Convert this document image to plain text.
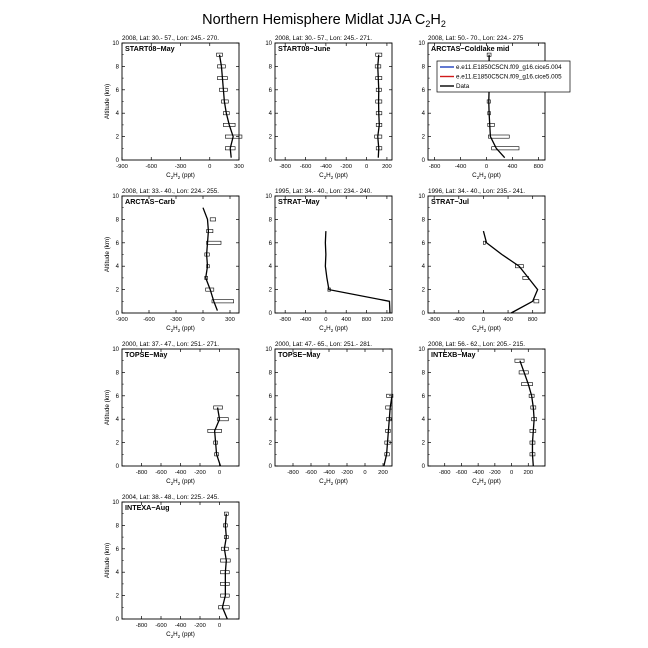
Northern Hemisphere Midlat JJA $C_2H_2$
2008, Lat: 30.- 57., Lon: 245.- 270.
0
2
4
6
8
10
-900	-600	-300	0	300
$C_2H_2$ (ppt)
Altitude (km)
START08−May
2008, Lat: 30.- 57., Lon: 245.- 271.
0
2
4
6
8
10
-800 -600 -400 -200 0 200
$C_2H_2$ (ppt)
START08−June
2008, Lat: 50.- 70., Lon: 224.- 275
0
2
4
6
8
10
-800 -400	0	400	800
$C_2H_2$ (ppt)
ARCTAS−Coldlake mid
2008, Lat: 33.- 40., Lon: 224.- 255.
0
2
4
6
8
10
-900	-600	-300	0	300
$C_2H_2$ (ppt)
Altitude (km)
ARCTAS−Carb
1995, Lat: 34.- 40., Lon: 234.- 240.
0
2
4
6
8
10
-800 -400 0 400 800 1200
$C_2H_2$ (ppt)
STRAT−May
1996, Lat: 34.- 40., Lon: 235.- 241.
0
2
4
6
8
10
-800 -400	0	400	800
$C_2H_2$ (ppt)
STRAT−Jul
2000, Lat: 37.- 47., Lon: 251.- 271.
0
2
4
6
8
10
-800 -600 -400 -200 0
$C_2H_2$ (ppt)
Altitude (km)
TOPSE−May
2000, Lat: 47.- 65., Lon: 251.- 281.
0
2
4
6
8
10
-800 -600 -400 -200 0 200
$C_2H_2$ (ppt)
TOPSE−May
2008, Lat: 56.- 62., Lon: 205.- 215.
0
2
4
6
8
10
-800 -600 -400 -200 0 200
$C_2H_2$ (ppt)
INTEXB−May
2004, Lat: 38.- 48., Lon: 225.- 245.
0
2
4
6
8
10
-800 -600 -400 -200 0
$C_2H_2$ (ppt)
Altitude (km)
INTEXA−Aug
e.e11.E1850C5CN.f09_g16.cice5.004
e.e11.E1850C5CN.f09_g16.cice5.005
Data
